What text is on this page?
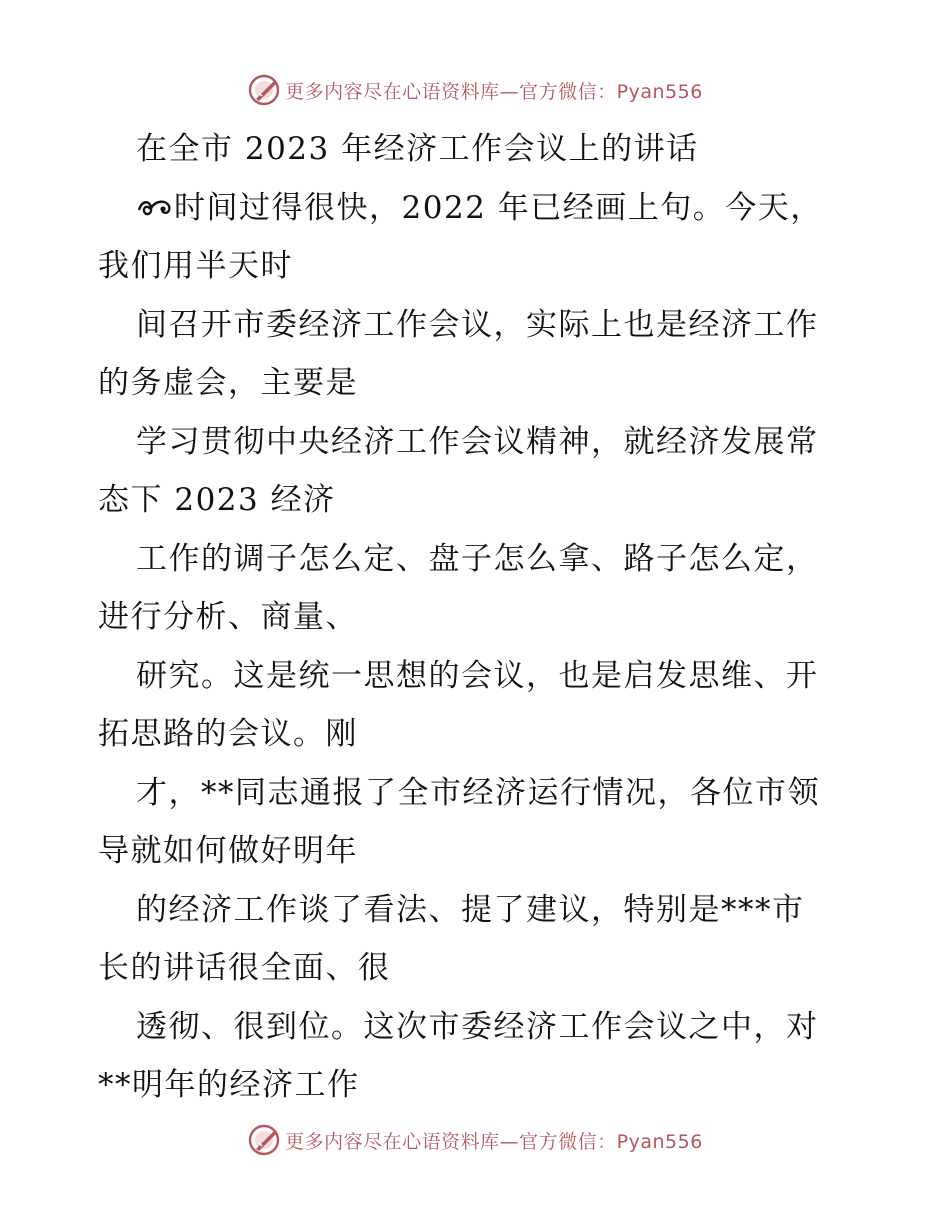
更多内容尽在心语资料库—官方微信：Pyan556
在全市 2023 年经济工作会议上的讲话
时间过得很快，2022 年已经画上句。今天，
我们用半天时
间召开市委经济工作会议，实际上也是经济工作
的务虚会，主要是
学习贯彻中央经济工作会议精神，就经济发展常
态下 2023 经济
工作的调子怎么定、盘子怎么拿、路子怎么定，
进行分析、商量、
研究。这是统一思想的会议，也是启发思维、开
拓思路的会议。刚
才，**同志通报了全市经济运行情况，各位市领
导就如何做好明年
的经济工作谈了看法、提了建议，特别是***市
长的讲话很全面、很
透彻、很到位。这次市委经济工作会议之中，对
**明年的经济工作
更多内容尽在心语资料库—官方微信：Pyan556
